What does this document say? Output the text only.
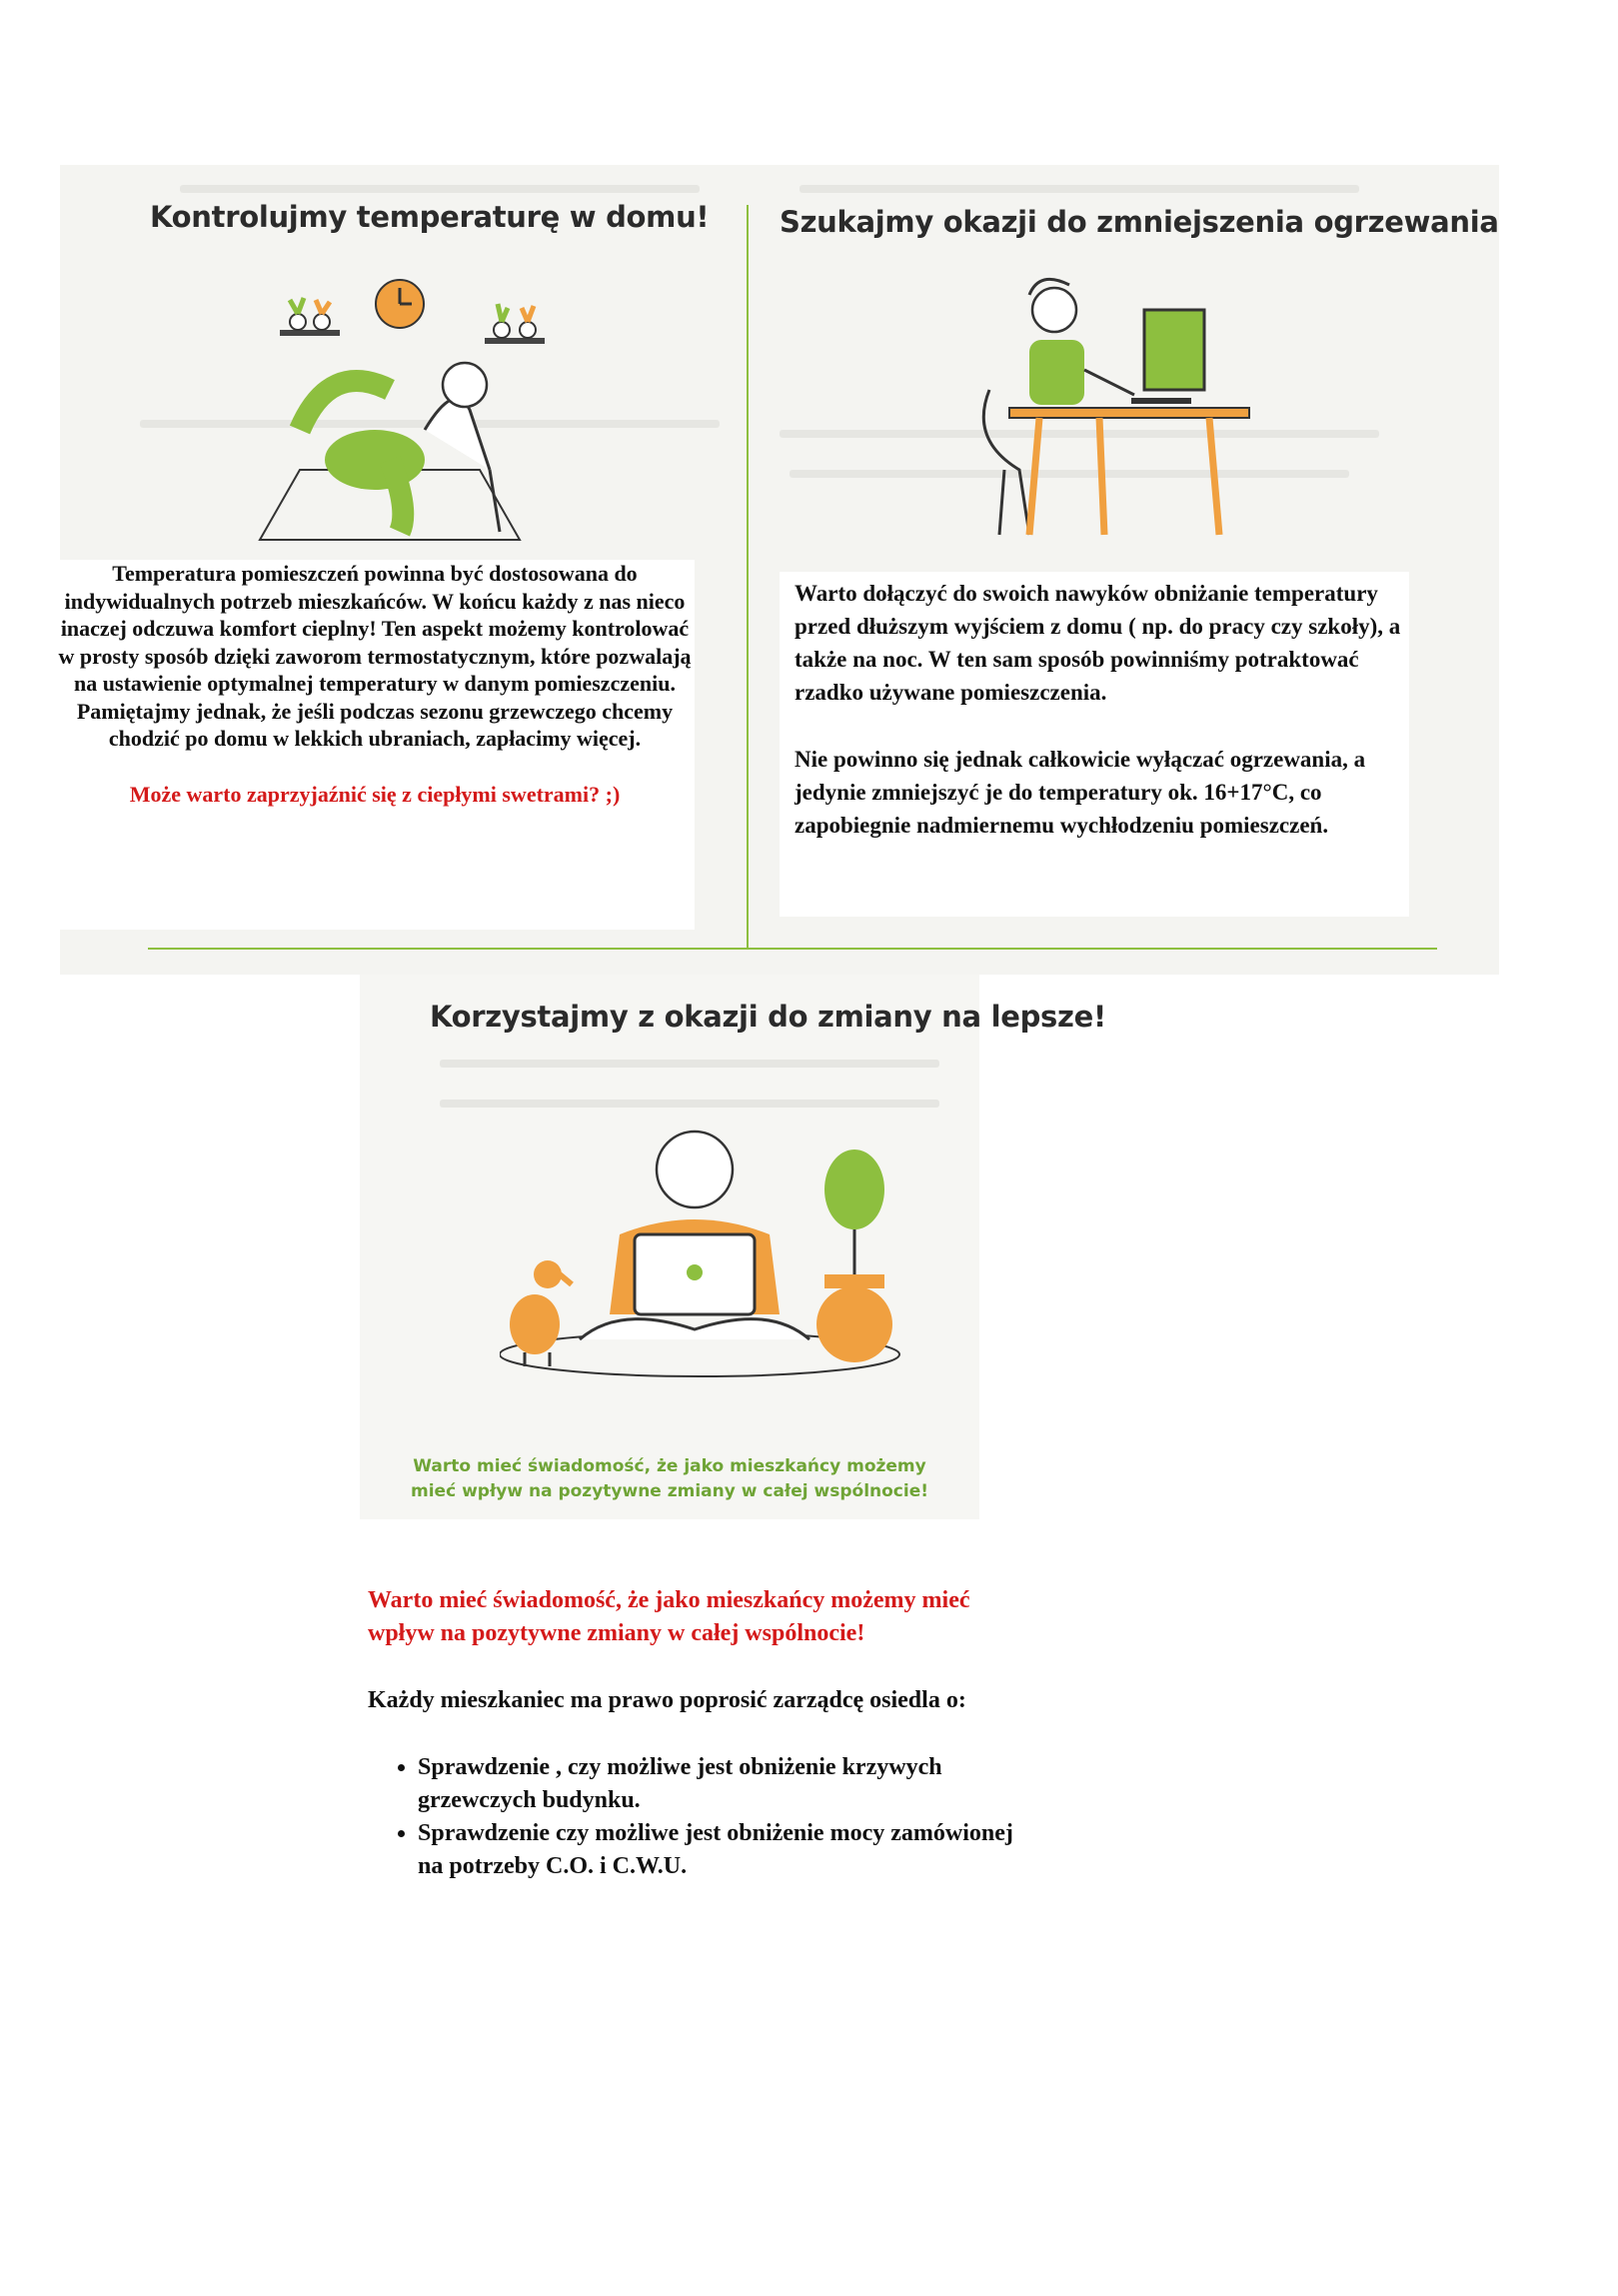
Kontrolujmy temperaturę w domu! Szukajmy okazji do zmniejszenia ogrzewania
Korzystajmy z okazji do zmiany na lepsze!

Temperatura pomieszczeń powinna być dostosowana do indywidualnych potrzeb mieszkańców. W końcu każdy z nas nieco inaczej odczuwa komfort cieplny! Ten aspekt możemy kontrolować w prosty sposób dzięki zaworom termostatycznym, które pozwalają na ustawienie optymalnej temperatury w danym pomieszczeniu.

Pamiętajmy jednak, że jeśli podczas sezonu grzewczego chcemy chodzić po domu w lekkich ubraniach, zapłacimy więcej.

Może warto zaprzyjaźnić się z ciepłymi swetrami? ;)

Warto dołączyć do swoich nawyków obniżanie temperatury przed dłuższym wyjściem z domu ( np. do pracy czy szkoły), a także na noc. W ten sam sposób powinniśmy potraktować rzadko używane pomieszczenia.

Nie powinno się jednak całkowicie wyłączać ogrzewania, a jedynie zmniejszyć je do temperatury ok. 16+17°C, co zapobiegnie nadmiernemu wychłodzeniu pomieszczeń.

Warto mieć świadomość, że jako mieszkańcy możemy mieć wpływ na pozytywne zmiany w całej wspólnocie!

Warto mieć świadomość, że jako mieszkańcy możemy mieć wpływ na pozytywne zmiany w całej wspólnocie!

Każdy mieszkaniec ma prawo poprosić zarządcę osiedla o:

• Sprawdzenie , czy możliwe jest obniżenie krzywych grzewczych budynku.
• Sprawdzenie czy możliwe jest obniżenie mocy zamówionej na potrzeby C.O. i C.W.U.
